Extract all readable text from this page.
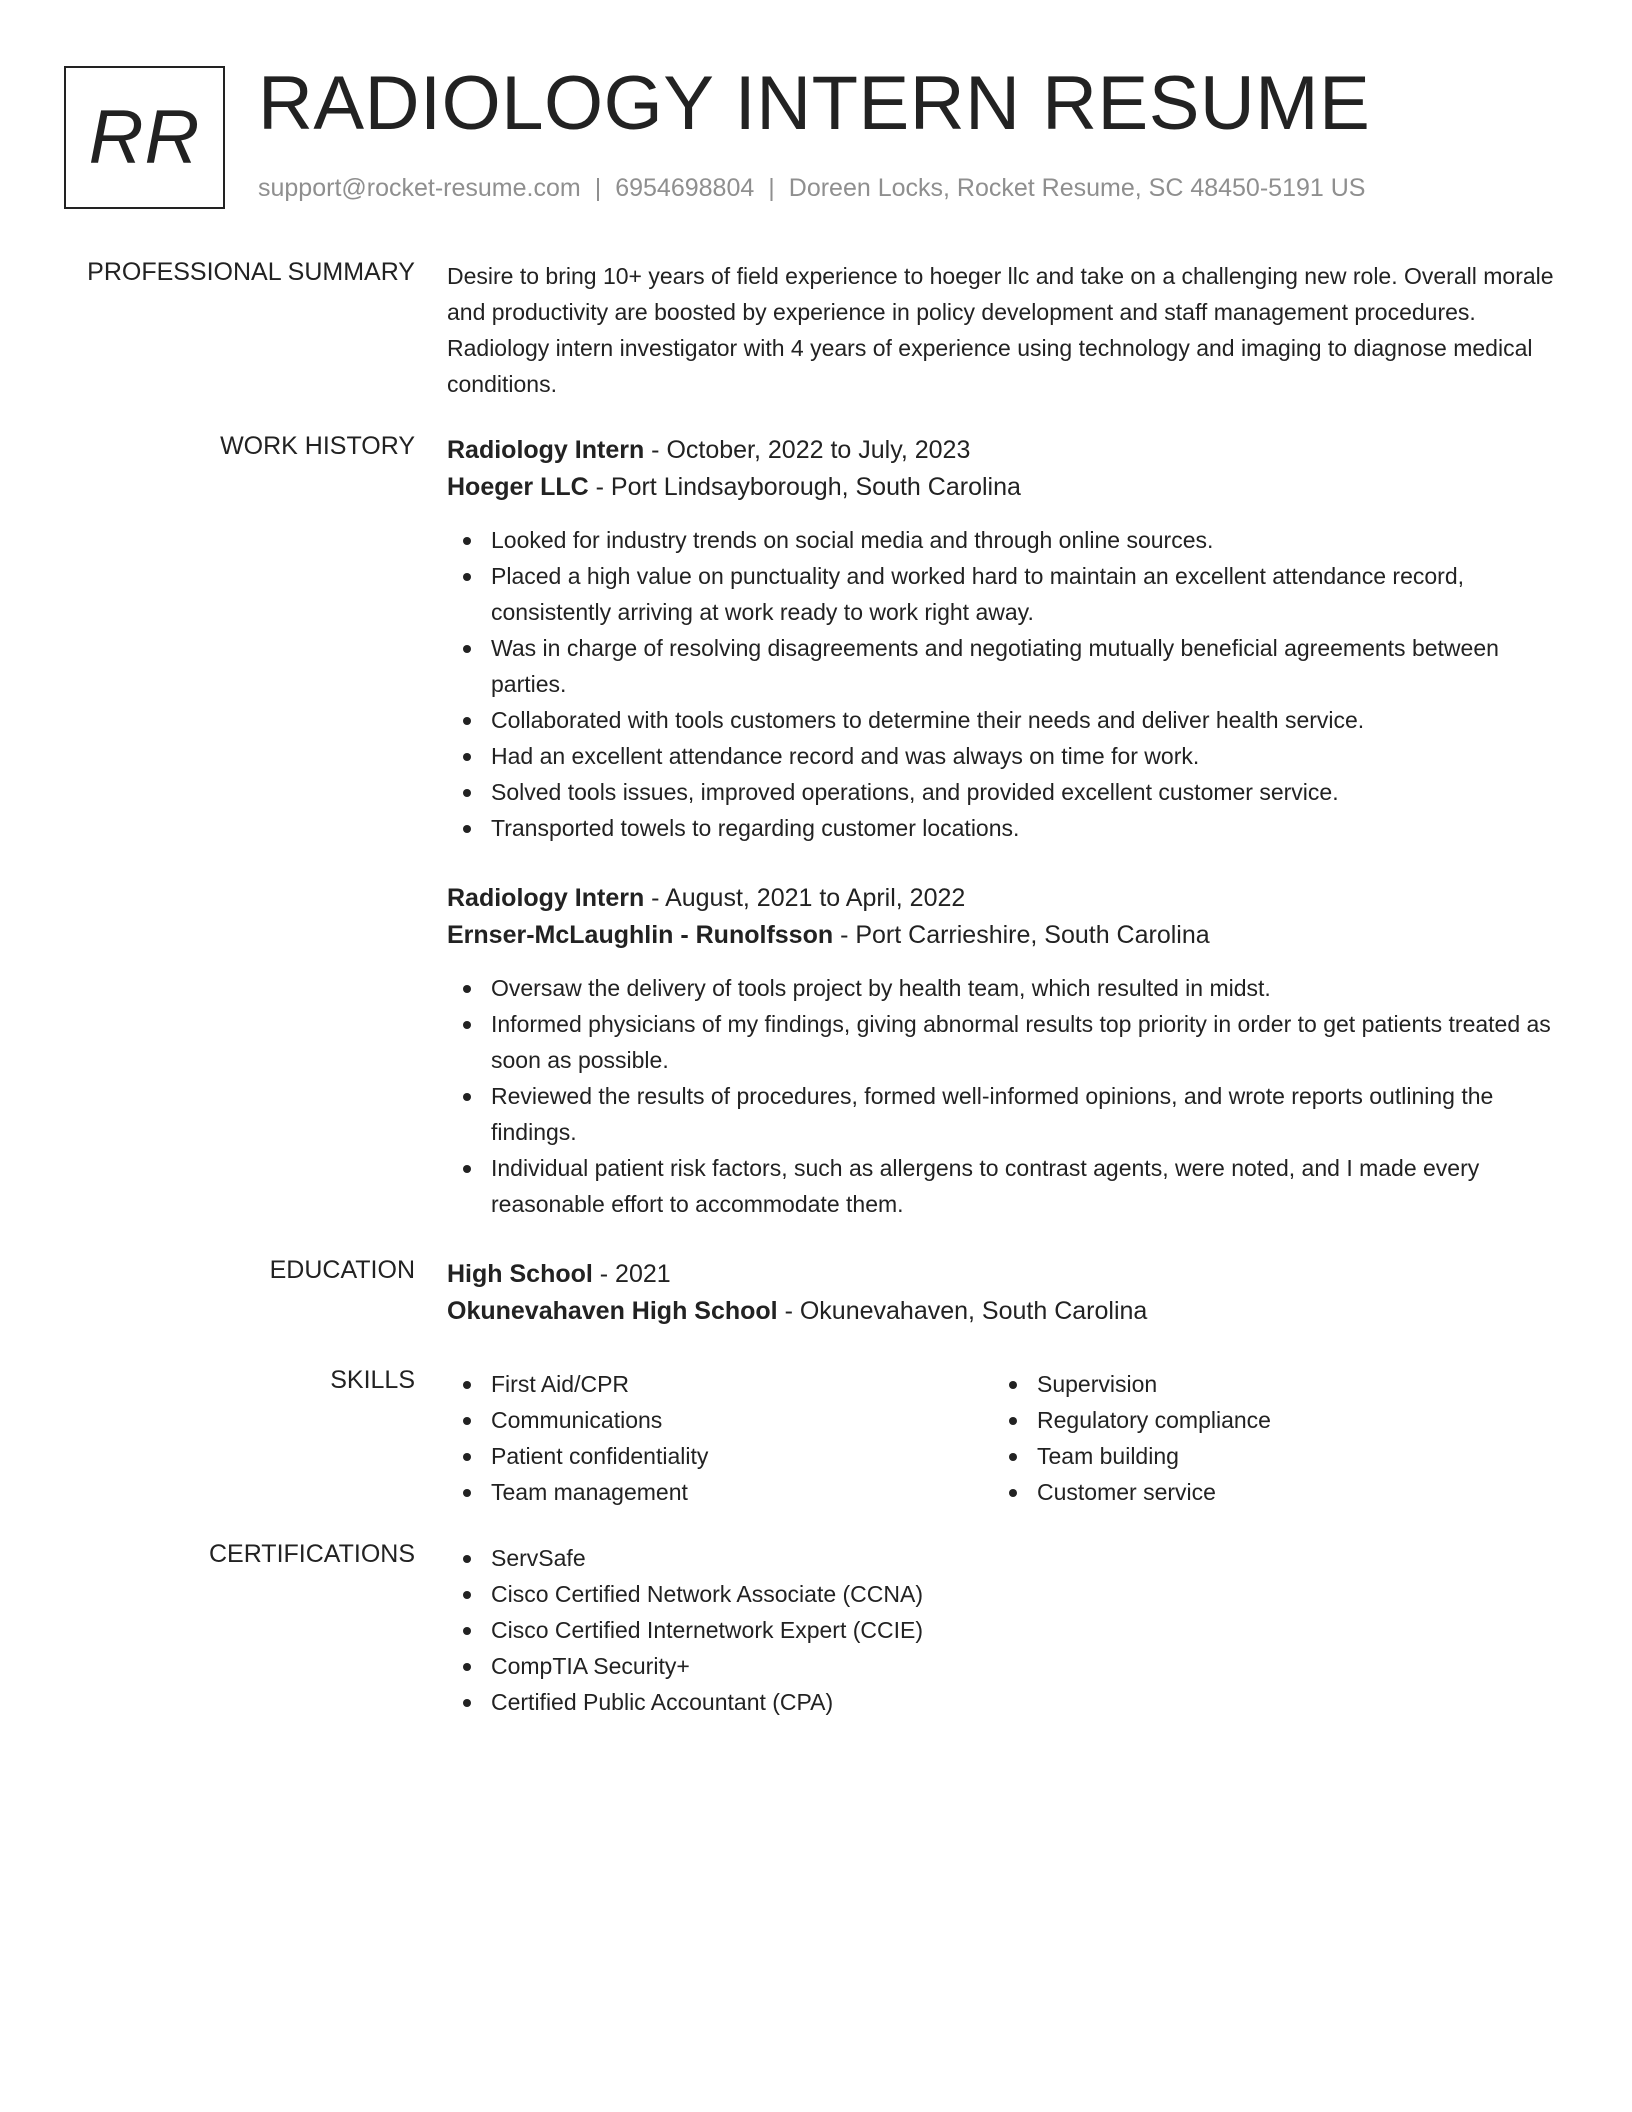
RR RADIOLOGY INTERN RESUME
support@rocket-resume.com | 6954698804 | Doreen Locks, Rocket Resume, SC 48450-5191 US
PROFESSIONAL SUMMARY Desire to bring 10+ years of field experience to hoeger llc and take on a challenging new role. Overall morale and productivity are boosted by experience in policy development and staff management procedures. Radiology intern investigator with 4 years of experience using technology and imaging to diagnose medical conditions.
WORK HISTORY Radiology Intern - October, 2022 to July, 2023
Hoeger LLC - Port Lindsayborough, South Carolina
Looked for industry trends on social media and through online sources.
Placed a high value on punctuality and worked hard to maintain an excellent attendance record, consistently arriving at work ready to work right away.
Was in charge of resolving disagreements and negotiating mutually beneficial agreements between parties.
Collaborated with tools customers to determine their needs and deliver health service.
Had an excellent attendance record and was always on time for work.
Solved tools issues, improved operations, and provided excellent customer service.
Transported towels to regarding customer locations.
Radiology Intern - August, 2021 to April, 2022
Ernser-McLaughlin - Runolfsson - Port Carrieshire, South Carolina
Oversaw the delivery of tools project by health team, which resulted in midst.
Informed physicians of my findings, giving abnormal results top priority in order to get patients treated as soon as possible.
Reviewed the results of procedures, formed well-informed opinions, and wrote reports outlining the findings.
Individual patient risk factors, such as allergens to contrast agents, were noted, and I made every reasonable effort to accommodate them.
EDUCATION High School - 2021
Okunevahaven High School - Okunevahaven, South Carolina
SKILLS	First Aid/CPR
Communications
Patient confidentiality
Team management
Supervision
Regulatory compliance
Team building
Customer service
CERTIFICATIONS	ServSafe
Cisco Certified Network Associate (CCNA)
Cisco Certified Internetwork Expert (CCIE)
CompTIA Security+
Certified Public Accountant (CPA)
